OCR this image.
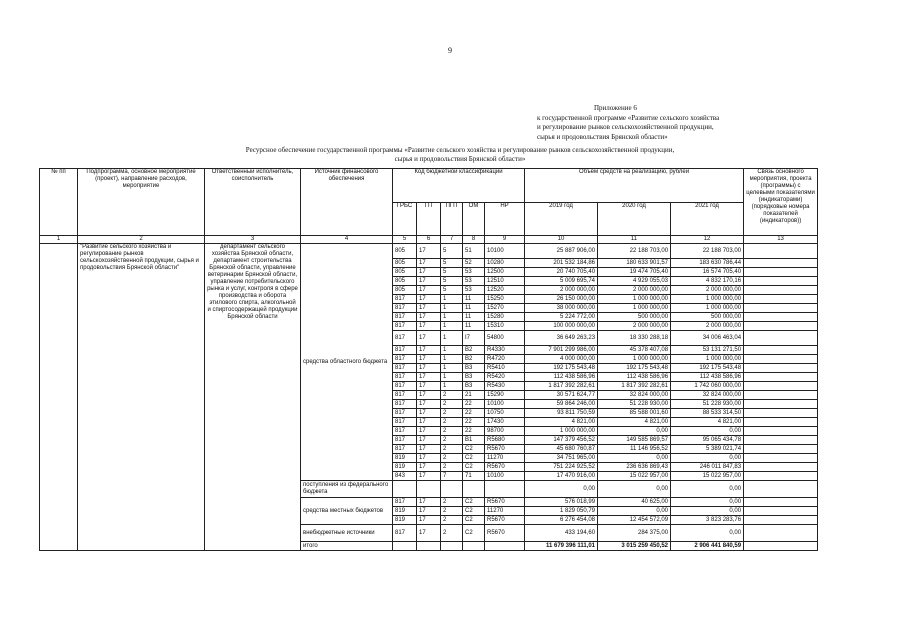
9
Приложение 6
к государственной программе «Развитие сельского хозяйства
и регулирование рынков сельскохозяйственной продукции,
сырья и продовольствия Брянской области»
Ресурсное обеспечение государственной программы «Развитие сельского хозяйства и регулирование рынков сельскохозяйственной продукции,
сырья и продовольствия Брянской области»
№ пп	Подпрограмма, основное мероприятие (проект), направление расходов, мероприятие	Ответственный исполнитель, соисполнитель	Источник финансового обеспечения	Код бюджетной классификации					Объём средств на реализацию, рублей			Связь основного мероприятия, проекта (программы) с целевыми показателями (индикаторами) (порядковые номера показателей (индикаторов))
				ГРБС	ГП	ПГП	ОМ	НР	2019 год	2020 год	2021 год	
1	2	3	4	5	6	7	8	9	10	11	12	13
	"Развитие сельского хозяйства и регулирование рынков сельскохозяйственной продукции, сырья и продовольствия Брянской области"	департамент сельского хозяйства Брянской области, департамент строительства Брянской области, управление ветеринарии Брянской области, управление потребительского рынка и услуг, контроля в сфере производства и оборота этилового спирта, алкогольной и спиртосодержащей продукции Брянской области	средства областного бюджета	805	17	5	51	10100	25 887 906,00	22 188 703,00	22 188 703,00	
				805	17	5	52	10280	201 532 184,86	180 633 901,57	183 630 786,44	
				805	17	5	53	12500	20 740 705,40	19 474 705,40	16 574 705,40	
				805	17	5	53	12510	5 009 695,74	4 929 055,03	4 832 170,16	
				805	17	5	53	12520	2 000 000,00	2 000 000,00	2 000 000,00	
				817	17	1	11	15250	26 150 000,00	1 000 000,00	1 000 000,00	
				817	17	1	11	15270	38 000 000,00	1 000 000,00	1 000 000,00	
				817	17	1	11	15280	5 224 772,00	500 000,00	500 000,00	
				817	17	1	11	15310	100 000 000,00	2 000 000,00	2 000 000,00	
				817	17	1	I7	54800	36 649 263,23	18 330 288,18	34 006 463,04	
				817	17	1	В2	R4330	7 901 299 986,00	45 378 407,08	53 131 271,50	
				817	17	1	В2	R4720	4 000 000,00	1 000 000,00	1 000 000,00	
				817	17	1	В3	R5410	192 175 543,48	192 175 543,48	192 175 543,48	
				817	17	1	В3	R5420	112 438 586,96	112 438 586,96	112 438 586,96	
				817	17	1	В3	R5430	1 817 392 282,61	1 817 392 282,61	1 742 060 000,00	
				817	17	2	21	15290	30 571 624,77	32 824 000,00	32 824 000,00	
				817	17	2	22	10100	59 864 246,00	51 228 930,00	51 228 930,00	
				817	17	2	22	10750	93 811 750,59	85 588 001,60	88 533 314,50	
				817	17	2	22	17430	4 821,00	4 821,00	4 821,00	
				817	17	2	22	98700	1 000 000,00	0,00	0,00	
				817	17	2	В1	R5680	147 379 456,52	149 585 869,57	95 065 434,78	
				817	17	2	С2	R5670	45 680 760,87	11 146 956,52	5 389 021,74	
				819	17	2	С2	11270	34 751 965,00	0,00	0,00	
				819	17	2	С2	R5670	751 224 925,52	236 636 869,43	246 011 847,83	
				843	17	7	71	10100	17 470 916,00	15 022 957,00	15 022 957,00	
			поступления из федерального бюджета						0,00	0,00	0,00	
			средства местных бюджетов	817	17	2	С2	R5670	576 018,99	40 625,00	0,00	
				819	17	2	С2	11270	1 829 050,79	0,00	0,00	
				819	17	2	С2	R5670	6 276 454,08	12 454 572,09	3 823 283,76	
			внебюджетные источники	817	17	2	С2	R5670	433 194,60	284 375,00	0,00	
			итого						11 679 396 111,01	3 015 259 450,52	2 906 441 840,59	
